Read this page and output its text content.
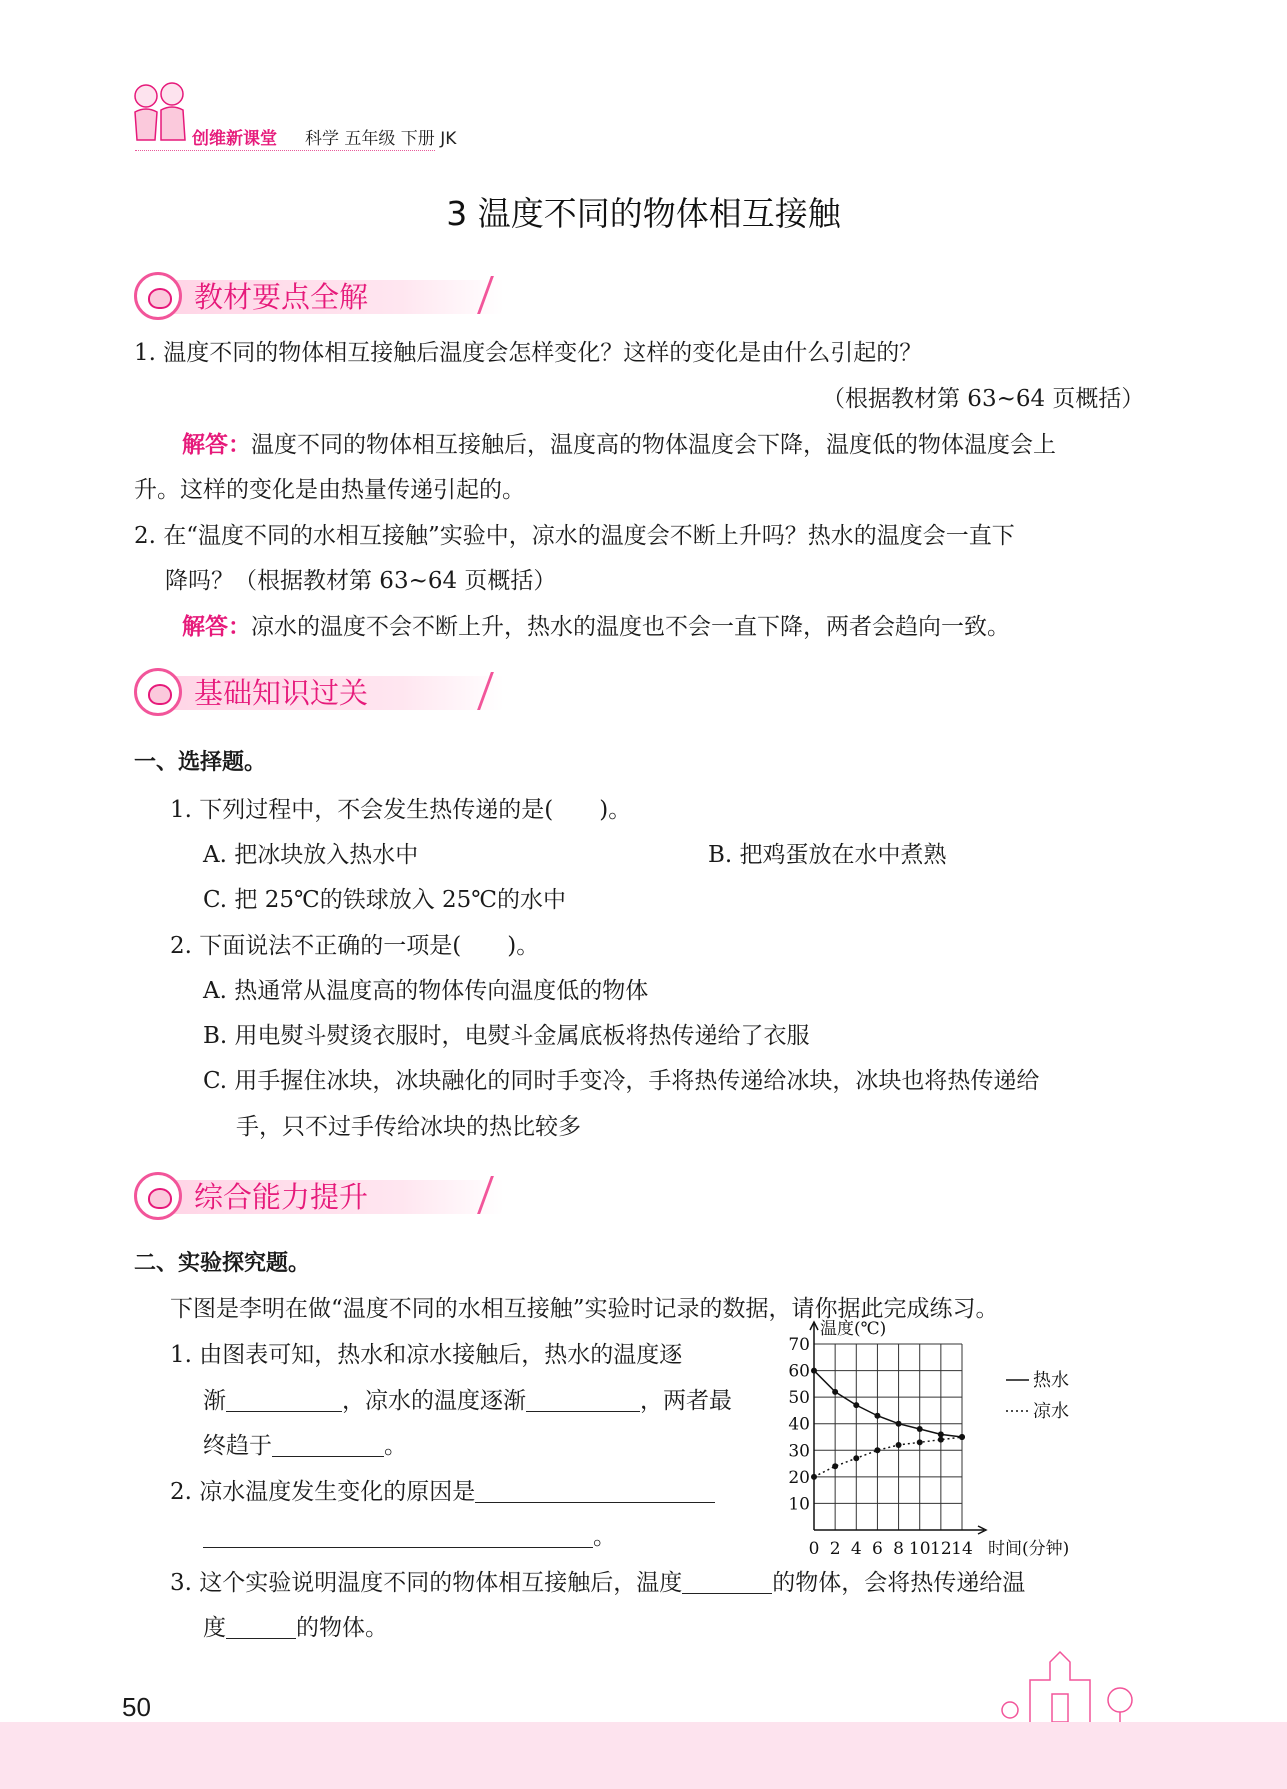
创维新课堂 科学 五年级 下册 JK
3 温度不同的物体相互接触
教材要点全解
1. 温度不同的物体相互接触后温度会怎样变化？这样的变化是由什么引起的？
（根据教材第 63~64 页概括）
解答：温度不同的物体相互接触后，温度高的物体温度会下降，温度低的物体温度会上
升。这样的变化是由热量传递引起的。
2. 在“温度不同的水相互接触”实验中，凉水的温度会不断上升吗？热水的温度会一直下
降吗？（根据教材第 63~64 页概括）
解答：凉水的温度不会不断上升，热水的温度也不会一直下降，两者会趋向一致。
基础知识过关
一、选择题。
1. 下列过程中，不会发生热传递的是(　　)。
A. 把冰块放入热水中	B. 把鸡蛋放在水中煮熟
C. 把 25℃的铁球放入 25℃的水中
2. 下面说法不正确的一项是(　　)。
A. 热通常从温度高的物体传向温度低的物体
B. 用电熨斗熨烫衣服时，电熨斗金属底板将热传递给了衣服
C. 用手握住冰块，冰块融化的同时手变冷，手将热传递给冰块，冰块也将热传递给
手，只不过手传给冰块的热比较多
综合能力提升
二、实验探究题。
下图是李明在做“温度不同的水相互接触”实验时记录的数据，请你据此完成练习。
1. 由图表可知，热水和凉水接触后，热水的温度逐
渐	，凉水的温度逐渐	，两者最
终趋于	。
2. 凉水温度发生变化的原因是
。
3. 这个实验说明温度不同的物体相互接触后，温度	的物体，会将热传递给温
度	的物体。
10
20
30
40
50
60
70
0 2 4 6 8 10 12 14
温度(℃)
时间(分钟)
热水
凉水
50
